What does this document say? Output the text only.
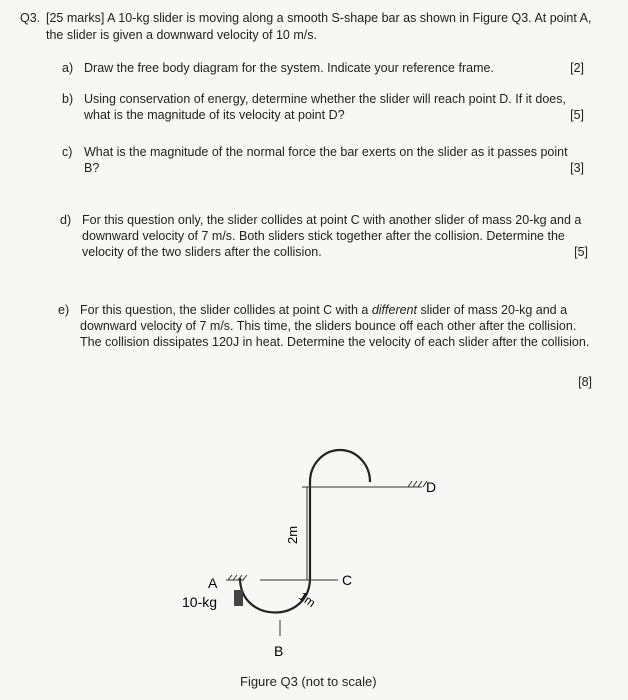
Q3. [25 marks] A 10-kg slider is moving along a smooth S-shape bar as shown in Figure Q3. At point A, the slider is given a downward velocity of 10 m/s.
a) Draw the free body diagram for the system. Indicate your reference frame.	[2]
b) Using conservation of energy, determine whether the slider will reach point D. If it does, what is the magnitude of its velocity at point D?	[5]
c) What is the magnitude of the normal force the bar exerts on the slider as it passes point B?	[3]
d) For this question only, the slider collides at point C with another slider of mass 20-kg and a downward velocity of 7 m/s. Both sliders stick together after the collision. Determine the velocity of the two sliders after the collision.	[5]
e) For this question, the slider collides at point C with a different slider of mass 20-kg and a downward velocity of 7 m/s. This time, the sliders bounce off each other after the collision. The collision dissipates 120J in heat. Determine the velocity of each slider after the collision.
[8]
2m
C
1m
A
10-kg
B
D
Figure Q3 (not to scale)
